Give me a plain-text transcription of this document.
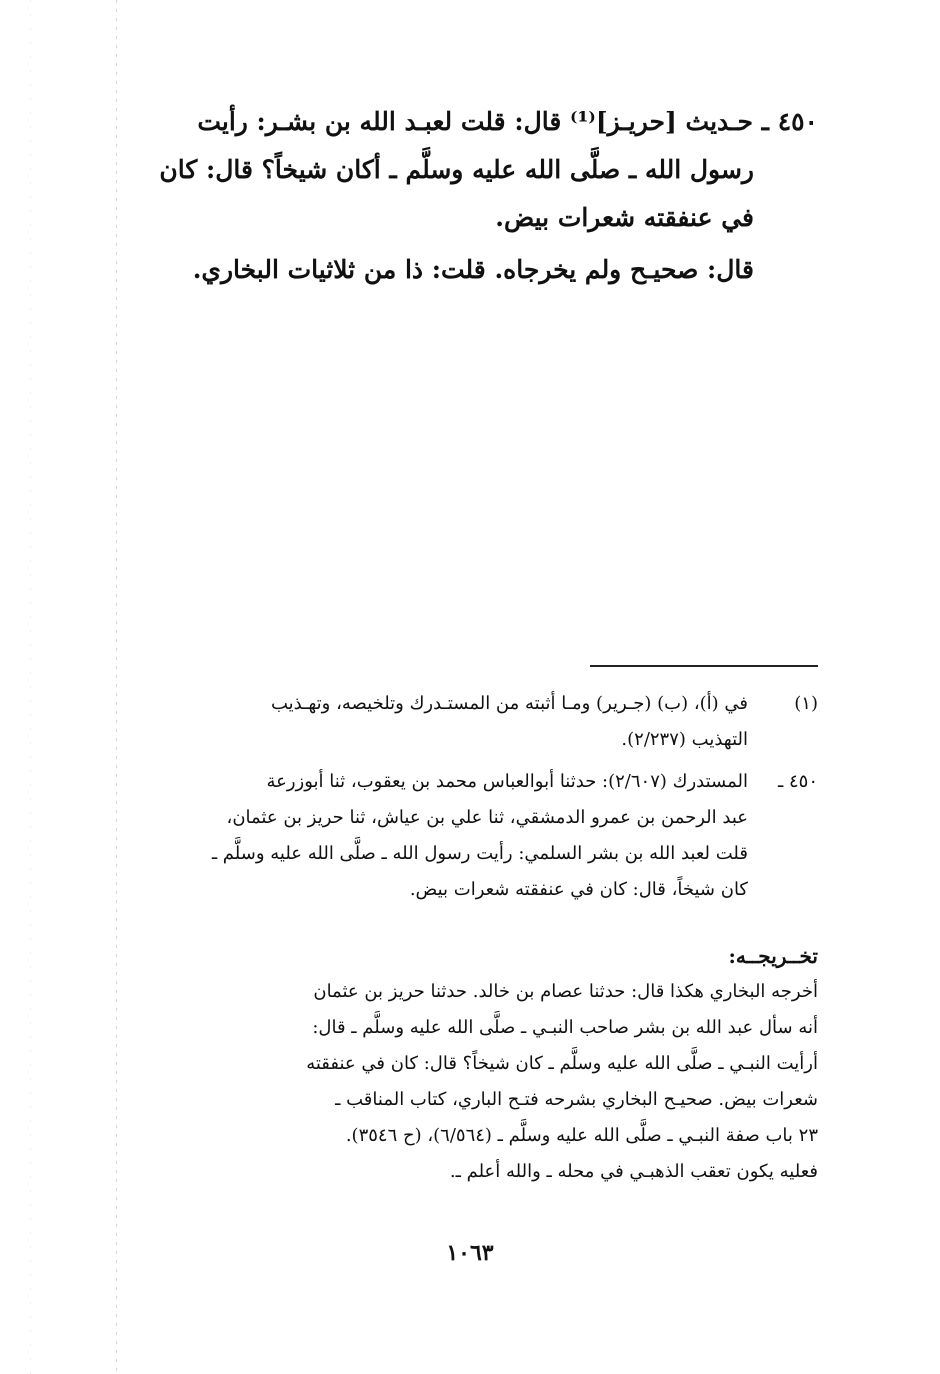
٤٥٠ ـ حـديث [حريـز]⁽¹⁾ قال: قلت لعبـد الله بن بشـر: رأيت
رسول الله ـ صلَّى الله عليه وسلَّم ـ أكان شيخاً؟ قال: كان
في عنفقته شعرات بيض.
قال: صحيـح ولم يخرجاه. قلت: ذا من ثلاثيات البخاري.
(١)
في (أ)، (ب) (جـرير) ومـا أثبته من المستـدرك وتلخيصه، وتهـذيب
التهذيب (٢/٢٣٧).
٤٥٠ ـ
المستدرك (٢/٦٠٧): حدثنا أبوالعباس محمد بن يعقوب، ثنا أبوزرعة
عبد الرحمن بن عمرو الدمشقي، ثنا علي بن عياش، ثنا حريز بن عثمان،
قلت لعبد الله بن بشر السلمي: رأيت رسول الله ـ صلَّى الله عليه وسلَّم ـ
كان شيخاً، قال: كان في عنفقته شعرات بيض.
تخــريجــه:
أخرجه البخاري هكذا قال: حدثنا عصام بن خالد. حدثنا حريز بن عثمان
أنه سأل عبد الله بن بشر صاحب النبـي ـ صلَّى الله عليه وسلَّم ـ قال:
أرأيت النبـي ـ صلَّى الله عليه وسلَّم ـ كان شيخاً؟ قال: كان في عنفقته
شعرات بيض. صحيـح البخاري بشرحه فتـح الباري، كتاب المناقب ـ
٢٣ باب صفة النبـي ـ صلَّى الله عليه وسلَّم ـ (٦/٥٦٤)، (ح ٣٥٤٦).
فعليه يكون تعقب الذهبـي في محله ـ والله أعلم ـ.
١٠٦٣
